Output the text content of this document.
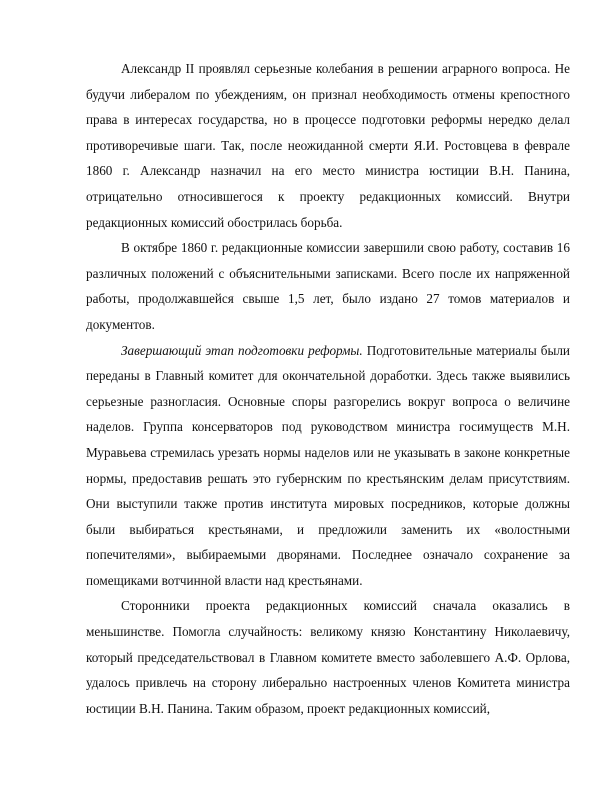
Александр II проявлял серьезные колебания в решении аграрного вопроса. Не будучи либералом по убеждениям, он признал необходимость отмены крепостного права в интересах государства, но в процессе подготовки реформы нередко делал противоречивые шаги. Так, после неожиданной смерти Я.И. Ростовцева в феврале 1860 г. Александр назначил на его место министра юстиции В.Н. Панина, отрицательно относившегося к проекту редакционных комиссий. Внутри редакционных комиссий обострилась борьба.

В октябре 1860 г. редакционные комиссии завершили свою работу, составив 16 различных положений с объяснительными записками. Всего после их напряженной работы, продолжавшейся свыше 1,5 лет, было издано 27 томов материалов и документов.

Завершающий этап подготовки реформы. Подготовительные материалы были переданы в Главный комитет для окончательной доработки. Здесь также выявились серьезные разногласия. Основные споры разгорелись вокруг вопроса о величине наделов. Группа консерваторов под руководством министра госимуществ М.Н. Муравьева стремилась урезать нормы наделов или не указывать в законе конкретные нормы, предоставив решать это губернским по крестьянским делам присутствиям. Они выступили также против института мировых посредников, которые должны были выбираться крестьянами, и предложили заменить их «волостными попечителями», выбираемыми дворянами. Последнее означало сохранение за помещиками вотчинной власти над крестьянами.

Сторонники проекта редакционных комиссий сначала оказались в меньшинстве. Помогла случайность: великому князю Константину Николаевичу, который председательствовал в Главном комитете вместо заболевшего А.Ф. Орлова, удалось привлечь на сторону либерально настроенных членов Комитета министра юстиции В.Н. Панина. Таким образом, проект редакционных комиссий,
